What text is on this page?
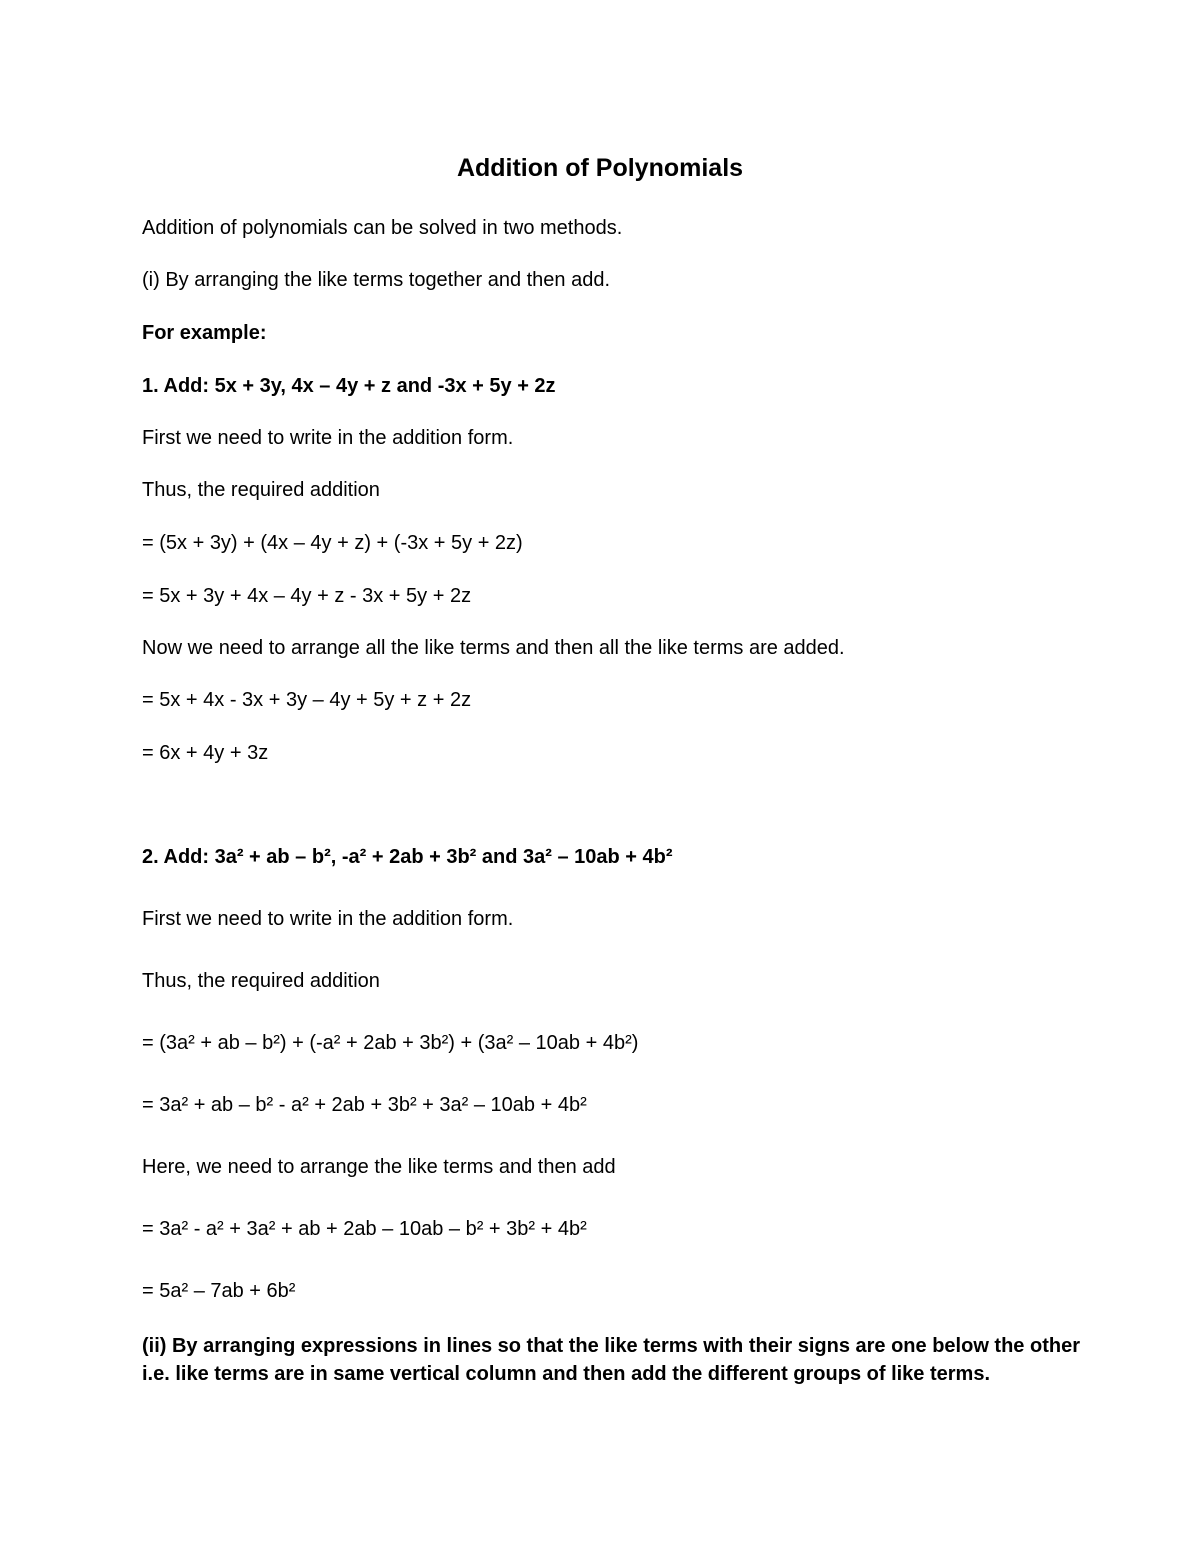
Addition of Polynomials
Addition of polynomials can be solved in two methods.
(i) By arranging the like terms together and then add.
For example:
1. Add: 5x + 3y, 4x – 4y + z and -3x + 5y + 2z
First we need to write in the addition form.
Thus, the required addition
= (5x + 3y) + (4x – 4y + z) + (-3x + 5y + 2z)
= 5x + 3y + 4x – 4y + z - 3x + 5y + 2z
Now we need to arrange all the like terms and then all the like terms are added.
= 5x + 4x - 3x + 3y – 4y + 5y + z + 2z
= 6x + 4y + 3z
2. Add: 3a² + ab – b², -a² + 2ab + 3b² and 3a² – 10ab + 4b²
First we need to write in the addition form.
Thus, the required addition
= (3a² + ab – b²) + (-a² + 2ab + 3b²) + (3a² – 10ab + 4b²)
= 3a² + ab – b² - a² + 2ab + 3b² + 3a² – 10ab + 4b²
Here, we need to arrange the like terms and then add
= 3a² - a² + 3a² + ab + 2ab – 10ab – b² + 3b² + 4b²
= 5a² – 7ab + 6b²
(ii) By arranging expressions in lines so that the like terms with their signs are one below the other i.e. like terms are in same vertical column and then add the different groups of like terms.
